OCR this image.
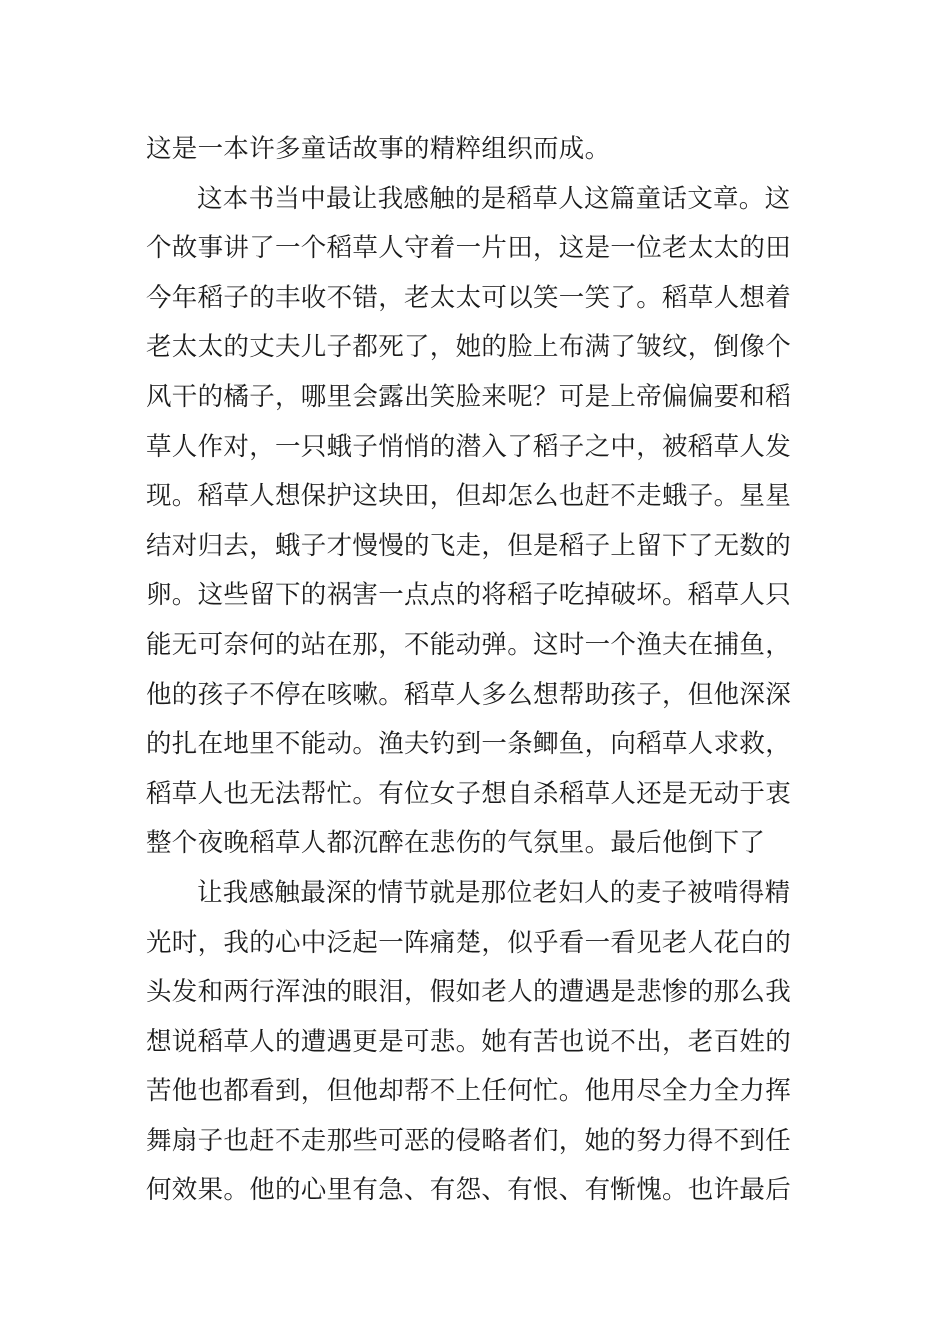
这是一本许多童话故事的精粹组织而成。
这本书当中最让我感触的是稻草人这篇童话文章。这
个故事讲了一个稻草人守着一片田，这是一位老太太的田
今年稻子的丰收不错，老太太可以笑一笑了。稻草人想着
老太太的丈夫儿子都死了，她的脸上布满了皱纹，倒像个
风干的橘子，哪里会露出笑脸来呢？可是上帝偏偏要和稻
草人作对，一只蛾子悄悄的潜入了稻子之中，被稻草人发
现。稻草人想保护这块田，但却怎么也赶不走蛾子。星星
结对归去，蛾子才慢慢的飞走，但是稻子上留下了无数的
卵。这些留下的祸害一点点的将稻子吃掉破坏。稻草人只
能无可奈何的站在那，不能动弹。这时一个渔夫在捕鱼，
他的孩子不停在咳嗽。稻草人多么想帮助孩子，但他深深
的扎在地里不能动。渔夫钓到一条鲫鱼，向稻草人求救，
稻草人也无法帮忙。有位女子想自杀稻草人还是无动于衷
整个夜晚稻草人都沉醉在悲伤的气氛里。最后他倒下了
让我感触最深的情节就是那位老妇人的麦子被啃得精
光时，我的心中泛起一阵痛楚，似乎看一看见老人花白的
头发和两行浑浊的眼泪，假如老人的遭遇是悲惨的那么我
想说稻草人的遭遇更是可悲。她有苦也说不出，老百姓的
苦他也都看到，但他却帮不上任何忙。他用尽全力全力挥
舞扇子也赶不走那些可恶的侵略者们，她的努力得不到任
何效果。他的心里有急、有怨、有恨、有惭愧。也许最后
